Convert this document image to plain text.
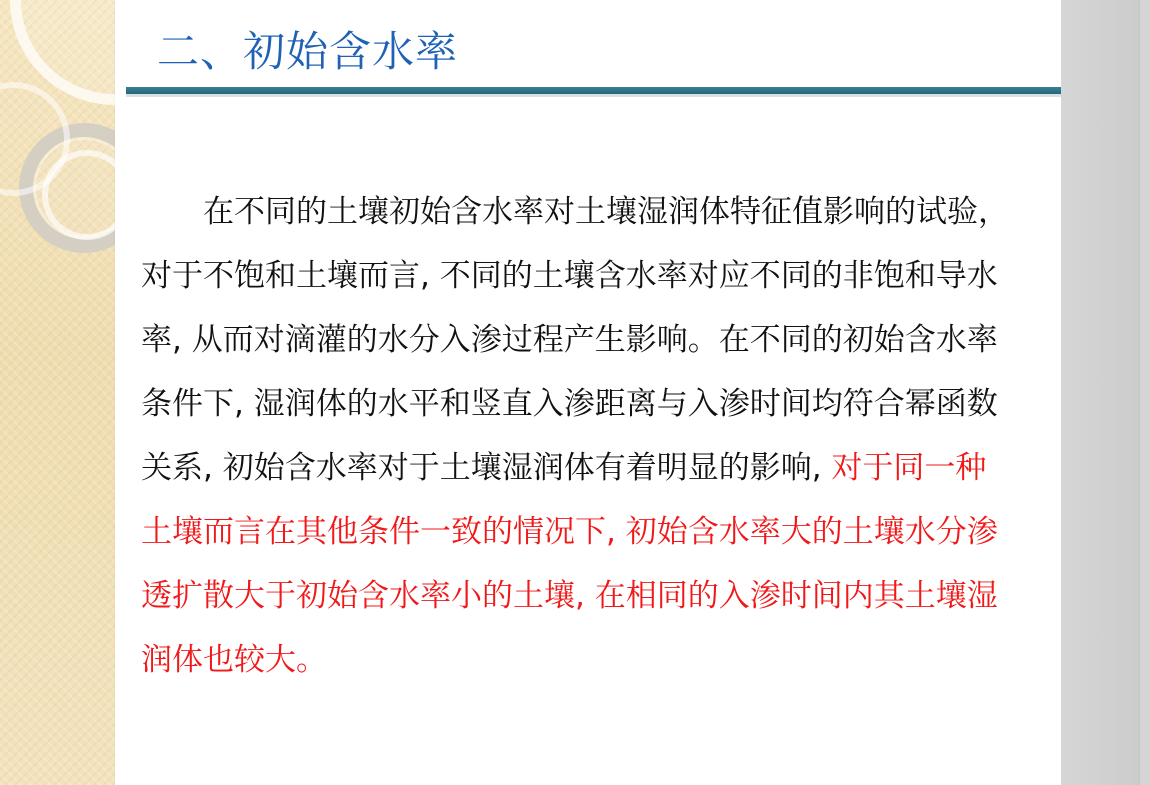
二、初始含水率

在不同的土壤初始含水率对土壤湿润体特征值影响的试验，对于不饱和土壤而言, 不同的土壤含水率对应不同的非饱和导水率, 从而对滴灌的水分入渗过程产生影响。在不同的初始含水率条件下, 湿润体的水平和竖直入渗距离与入渗时间均符合幂函数关系, 初始含水率对于土壤湿润体有着明显的影响, 对于同一种土壤而言在其他条件一致的情况下, 初始含水率大的土壤水分渗透扩散大于初始含水率小的土壤, 在相同的入渗时间内其土壤湿润体也较大。
